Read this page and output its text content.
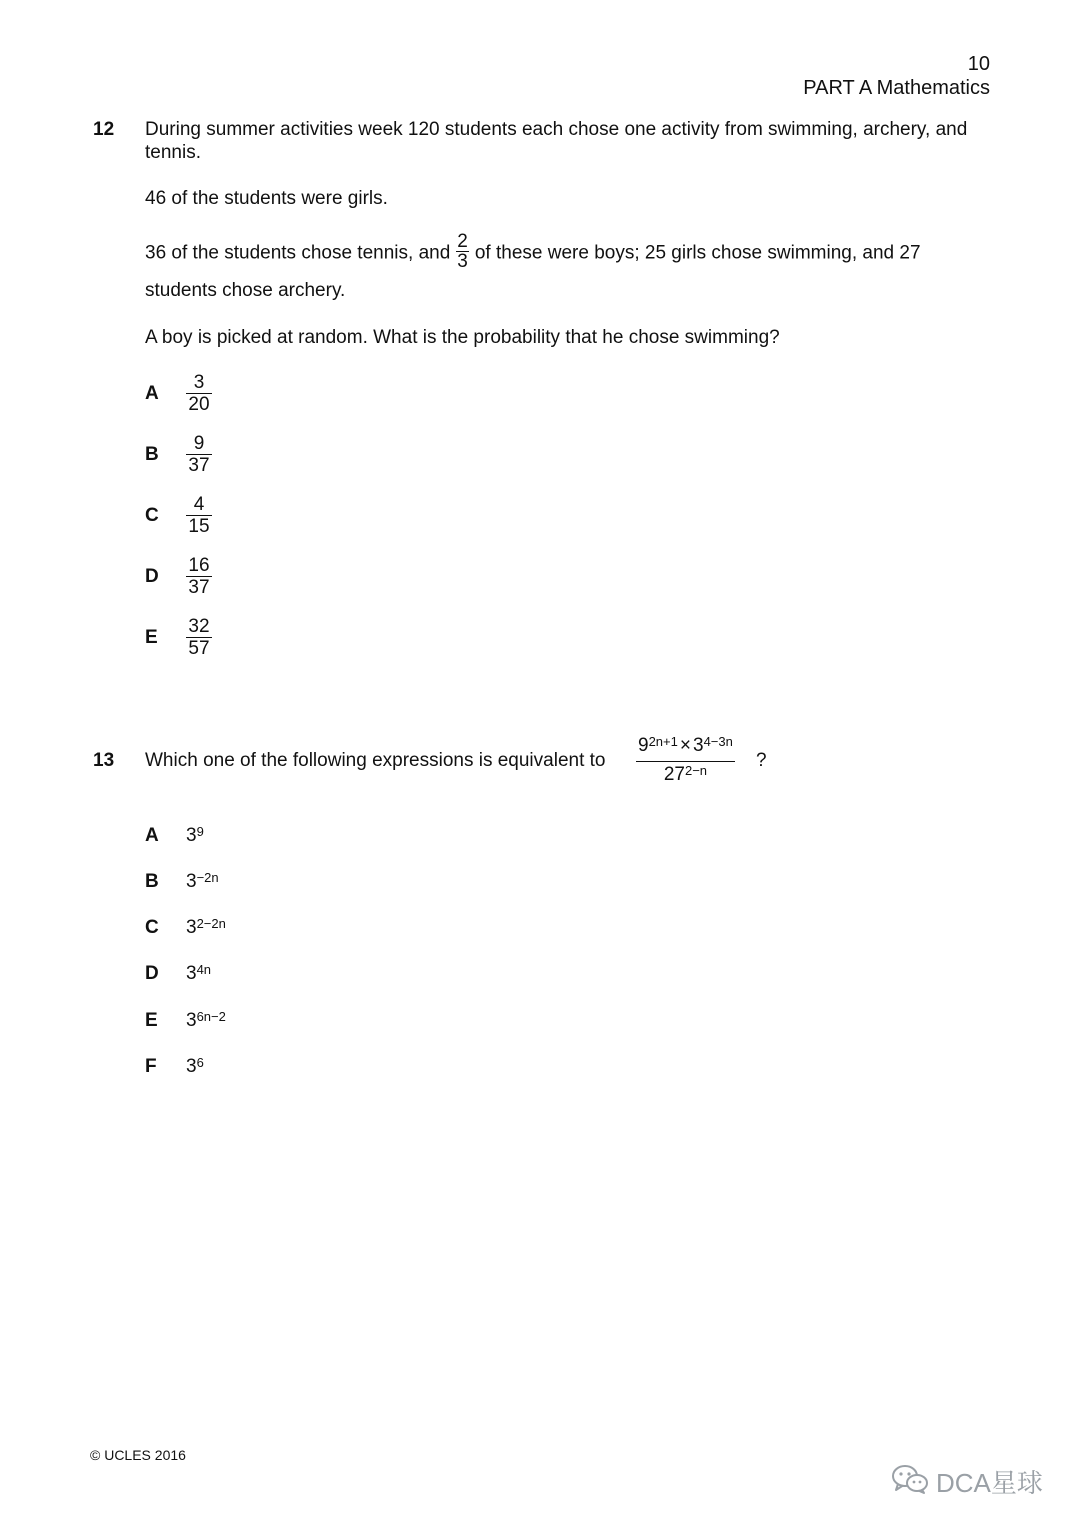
10
PART A Mathematics
12 During summer activities week 120 students each chose one activity from swimming, archery, and tennis.
46 of the students were girls.
36 of the students chose tennis, and $\frac{2}{3}$ of these were boys; 25 girls chose swimming, and 27 students chose archery.
A boy is picked at random. What is the probability that he chose swimming?
A $\frac{3}{20}$
B $\frac{9}{37}$
C $\frac{4}{15}$
D $\frac{16}{37}$
E $\frac{32}{57}$
13 Which one of the following expressions is equivalent to	$\frac{9^{2n+1} \times 3^{4-3n}}{27^{2-n}}$ ?
A $3^9$
B $3^{-2n}$
C $3^{2-2n}$
D $3^{4n}$
E $3^{6n-2}$
F $3^6$
© UCLES 2016
DCA星球
